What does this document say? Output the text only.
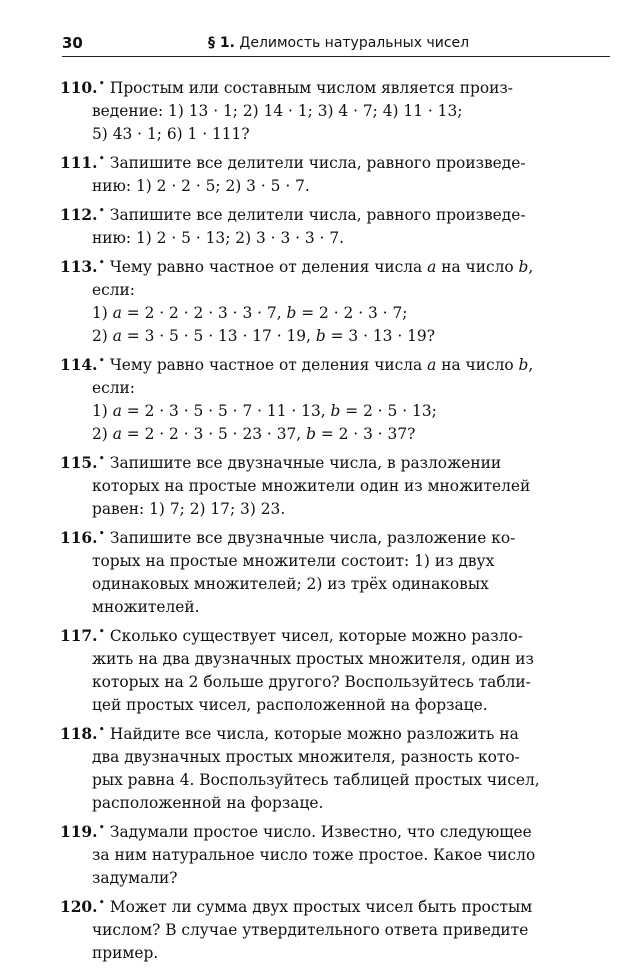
30	§ 1. Делимость натуральных чисел
110.• Простым или составным числом является произ-
ведение: 1) 13 · 1; 2) 14 · 1; 3) 4 · 7; 4) 11 · 13;
5) 43 · 1; 6) 1 · 111?
111.• Запишите все делители числа, равного произведе-
нию: 1) 2 · 2 · 5; 2) 3 · 5 · 7.
112.• Запишите все делители числа, равного произведе-
нию: 1) 2 · 5 · 13; 2) 3 · 3 · 3 · 7.
113.• Чему равно частное от деления числа a на число b,
если:
1) a = 2 · 2 · 2 · 3 · 3 · 7, b = 2 · 2 · 3 · 7;
2) a = 3 · 5 · 5 · 13 · 17 · 19, b = 3 · 13 · 19?
114.• Чему равно частное от деления числа a на число b,
если:
1) a = 2 · 3 · 5 · 5 · 7 · 11 · 13, b = 2 · 5 · 13;
2) a = 2 · 2 · 3 · 5 · 23 · 37, b = 2 · 3 · 37?
115.• Запишите все двузначные числа, в разложении
которых на простые множители один из множителей
равен: 1) 7; 2) 17; 3) 23.
116.• Запишите все двузначные числа, разложение ко-
торых на простые множители состоит: 1) из двух
одинаковых множителей; 2) из трёх одинаковых
множителей.
117.• Сколько существует чисел, которые можно разло-
жить на два двузначных простых множителя, один из
которых на 2 больше другого? Воспользуйтесь табли-
цей простых чисел, расположенной на форзаце.
118.• Найдите все числа, которые можно разложить на
два двузначных простых множителя, разность кото-
рых равна 4. Воспользуйтесь таблицей простых чисел,
расположенной на форзаце.
119.• Задумали простое число. Известно, что следующее
за ним натуральное число тоже простое. Какое число
задумали?
120.• Может ли сумма двух простых чисел быть простым
числом? В случае утвердительного ответа приведите
пример.
